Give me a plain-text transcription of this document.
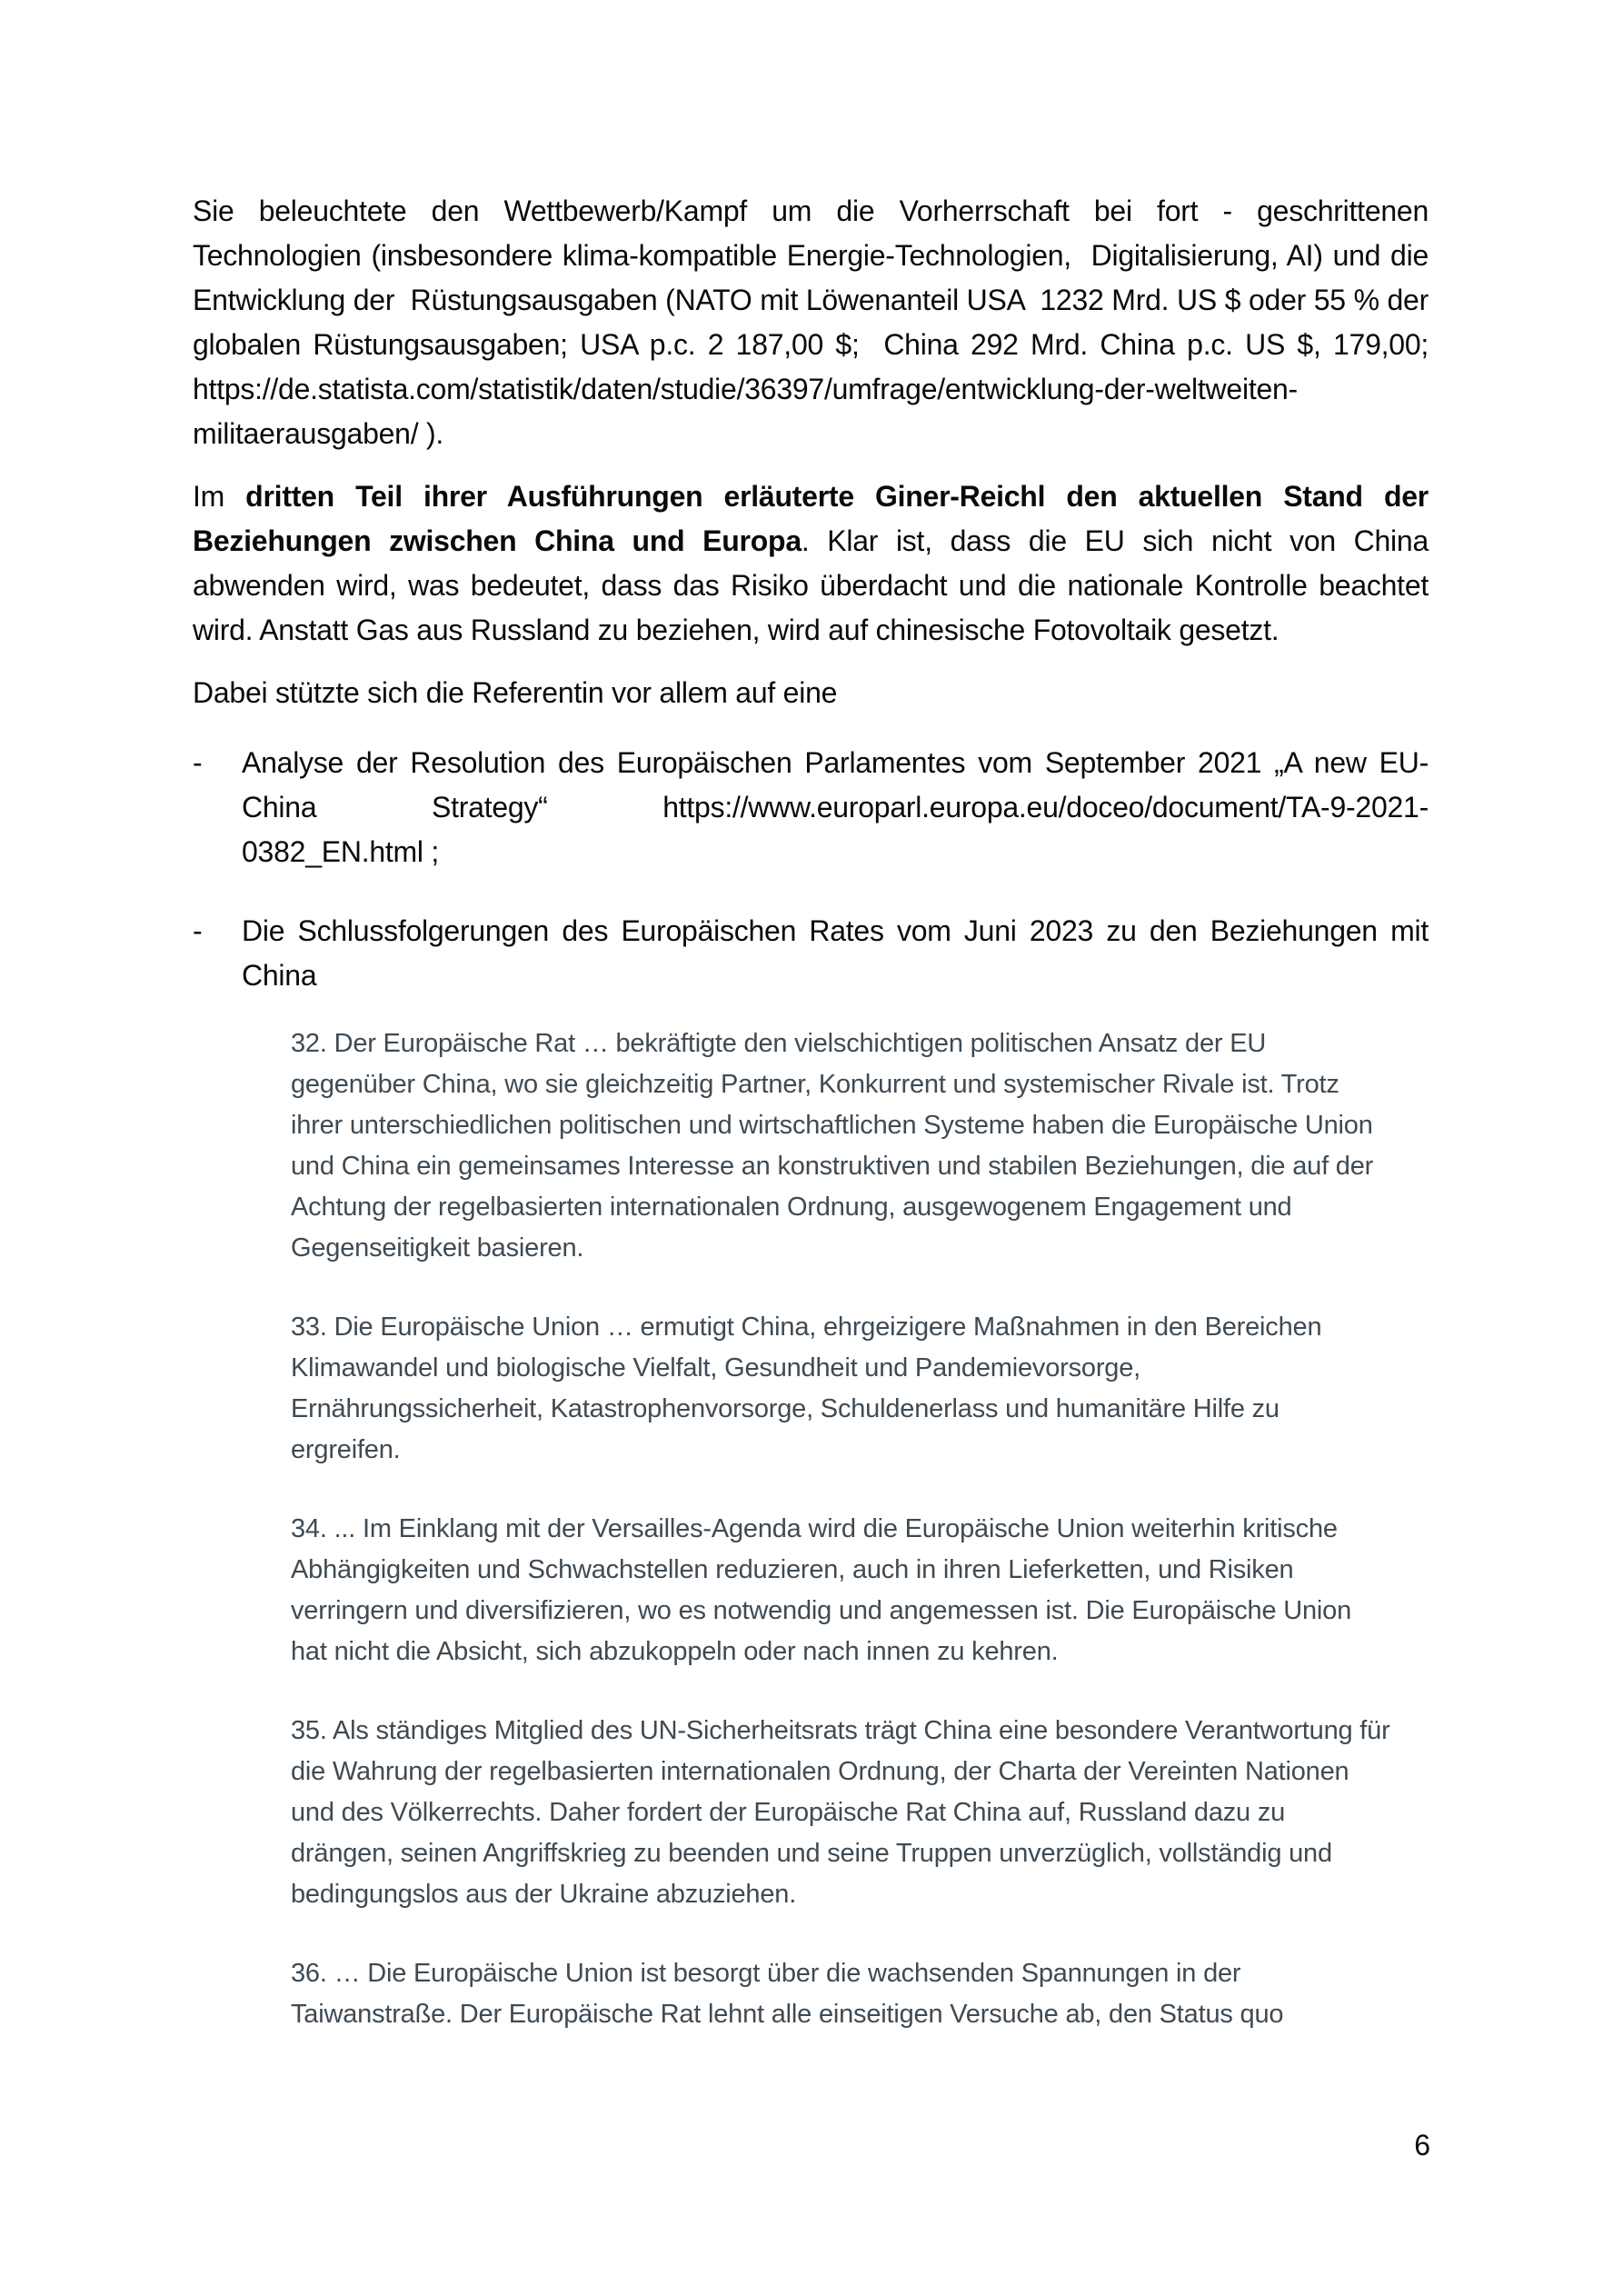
Sie beleuchtete den Wettbewerb/Kampf um die Vorherrschaft bei fort - geschrittenen Technologien (insbesondere klima-kompatible Energie-Technologien,  Digitalisierung, AI) und die Entwicklung der  Rüstungsausgaben (NATO mit Löwenanteil USA  1232 Mrd. US $ oder 55 % der globalen Rüstungsausgaben; USA p.c. 2 187,00 $;  China 292 Mrd. China p.c. US $, 179,00; https://de.statista.com/statistik/daten/studie/36397/umfrage/entwicklung-der-weltweiten-militaerausgaben/ ).

Im dritten Teil ihrer Ausführungen erläuterte Giner-Reichl den aktuellen Stand der Beziehungen zwischen China und Europa. Klar ist, dass die EU sich nicht von China abwenden wird, was bedeutet, dass das Risiko überdacht und die nationale Kontrolle beachtet wird. Anstatt Gas aus Russland zu beziehen, wird auf chinesische Fotovoltaik gesetzt.

Dabei stützte sich die Referentin vor allem auf eine

-	Analyse der Resolution des Europäischen Parlamentes vom September 2021 „A new EU-
China	Strategy“	https://www.europarl.europa.eu/doceo/document/TA-9-2021-
0382_EN.html ;
-	Die Schlussfolgerungen des Europäischen Rates vom Juni 2023 zu den Beziehungen mit China

32. Der Europäische Rat … bekräftigte den vielschichtigen politischen Ansatz der EU gegenüber China, wo sie gleichzeitig Partner, Konkurrent und systemischer Rivale ist. Trotz ihrer unterschiedlichen politischen und wirtschaftlichen Systeme haben die Europäische Union und China ein gemeinsames Interesse an konstruktiven und stabilen Beziehungen, die auf der Achtung der regelbasierten internationalen Ordnung, ausgewogenem Engagement und Gegenseitigkeit basieren.

33. Die Europäische Union … ermutigt China, ehrgeizigere Maßnahmen in den Bereichen Klimawandel und biologische Vielfalt, Gesundheit und Pandemievorsorge, Ernährungssicherheit, Katastrophenvorsorge, Schuldenerlass und humanitäre Hilfe zu ergreifen.

34. ... Im Einklang mit der Versailles-Agenda wird die Europäische Union weiterhin kritische Abhängigkeiten und Schwachstellen reduzieren, auch in ihren Lieferketten, und Risiken verringern und diversifizieren, wo es notwendig und angemessen ist. Die Europäische Union hat nicht die Absicht, sich abzukoppeln oder nach innen zu kehren.

35. Als ständiges Mitglied des UN-Sicherheitsrats trägt China eine besondere Verantwortung für die Wahrung der regelbasierten internationalen Ordnung, der Charta der Vereinten Nationen und des Völkerrechts. Daher fordert der Europäische Rat China auf, Russland dazu zu drängen, seinen Angriffskrieg zu beenden und seine Truppen unverzüglich, vollständig und bedingungslos aus der Ukraine abzuziehen.

36. … Die Europäische Union ist besorgt über die wachsenden Spannungen in der Taiwanstraße. Der Europäische Rat lehnt alle einseitigen Versuche ab, den Status quo

6
